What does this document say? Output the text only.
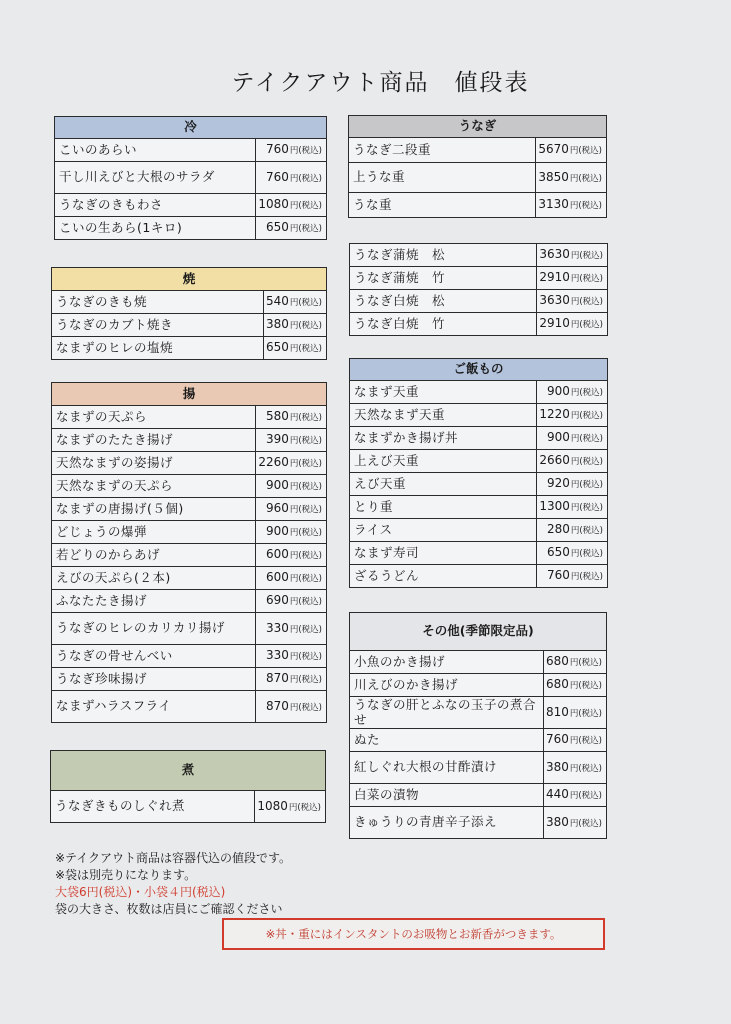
テイクアウト商品　値段表
冷	
こいのあらい	760円(税込)
干し川えびと大根のサラダ	760円(税込)
うなぎのきもわさ	1080円(税込)
こいの生あら(1キロ)	650円(税込)
焼	
うなぎのきも焼	540円(税込)
うなぎのカブト焼き	380円(税込)
なまずのヒレの塩焼	650円(税込)
揚	
なまずの天ぷら	580円(税込)
なまずのたたき揚げ	390円(税込)
天然なまずの姿揚げ	2260円(税込)
天然なまずの天ぷら	900円(税込)
なまずの唐揚げ(５個)	960円(税込)
どじょうの爆弾	900円(税込)
若どりのからあげ	600円(税込)
えびの天ぷら(２本)	600円(税込)
ふなたたき揚げ	690円(税込)
うなぎのヒレのカリカリ揚げ	330円(税込)
うなぎの骨せんべい	330円(税込)
うなぎ珍味揚げ	870円(税込)
なまずハラスフライ	870円(税込)
煮
うなぎきものしぐれ煮	1080円(税込)
うなぎ	
うなぎ二段重	5670円(税込)
上うな重	3850円(税込)
うな重	3130円(税込)
うなぎ蒲焼　松	3630円(税込)
うなぎ蒲焼　竹	2910円(税込)
うなぎ白焼　松	3630円(税込)
うなぎ白焼　竹	2910円(税込)
ご飯もの	
なまず天重	900円(税込)
天然なまず天重	1220円(税込)
なまずかき揚げ丼	900円(税込)
上えび天重	2660円(税込)
えび天重	920円(税込)
とり重	1300円(税込)
ライス	280円(税込)
なまず寿司	650円(税込)
ざるうどん	760円(税込)
その他(季節限定品)	
小魚のかき揚げ	680円(税込)
川えびのかき揚げ	680円(税込)
うなぎの肝とふなの玉子の煮合せ	810円(税込)
ぬた	760円(税込)
紅しぐれ大根の甘酢漬け	380円(税込)
白菜の漬物	440円(税込)
きゅうりの青唐辛子添え	380円(税込)
※テイクアウト商品は容器代込の値段です。
※袋は別売りになります。
大袋6円(税込)・小袋４円(税込)
袋の大きさ、枚数は店員にご確認ください
※丼・重にはインスタントのお吸物とお新香がつきます。
